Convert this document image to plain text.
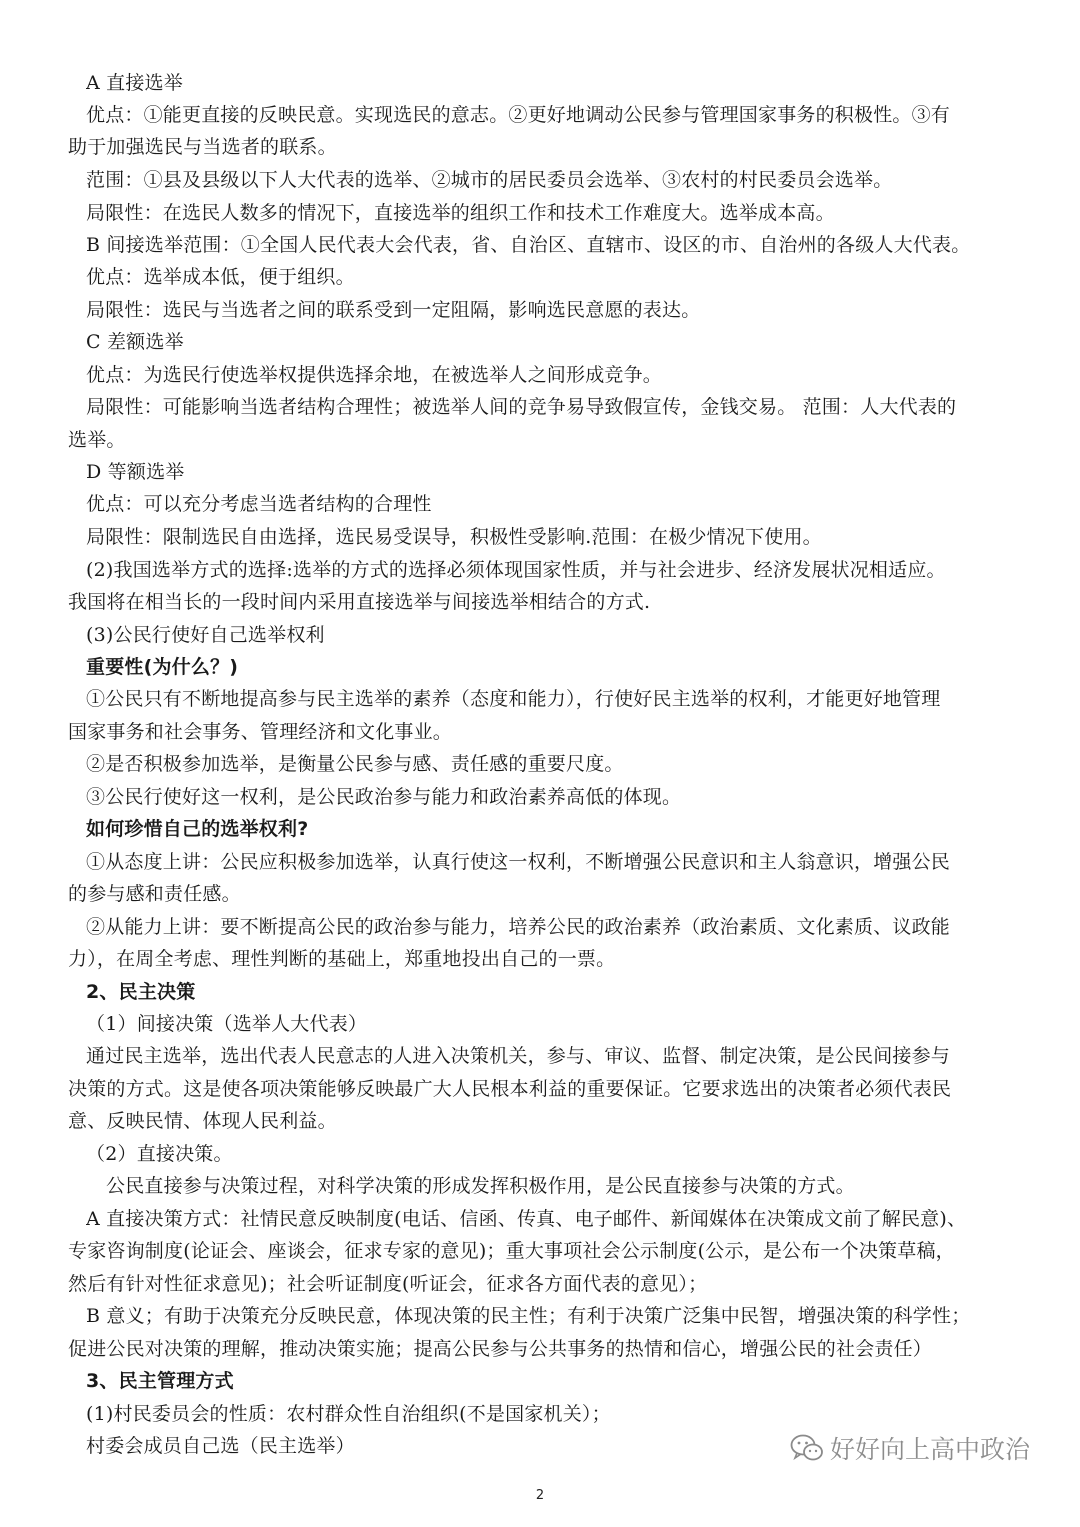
A 直接选举
优点：①能更直接的反映民意。实现选民的意志。②更好地调动公民参与管理国家事务的积极性。③有
助于加强选民与当选者的联系。
范围：①县及县级以下人大代表的选举、②城市的居民委员会选举、③农村的村民委员会选举。
局限性：在选民人数多的情况下，直接选举的组织工作和技术工作难度大。选举成本高。
B 间接选举范围：①全国人民代表大会代表，省、自治区、直辖市、设区的市、自治州的各级人大代表。
优点：选举成本低，便于组织。
局限性：选民与当选者之间的联系受到一定阻隔，影响选民意愿的表达。
C 差额选举
优点：为选民行使选举权提供选择余地，在被选举人之间形成竞争。
局限性：可能影响当选者结构合理性；被选举人间的竞争易导致假宣传，金钱交易。 范围：人大代表的
选举。
D 等额选举
优点：可以充分考虑当选者结构的合理性
局限性：限制选民自由选择，选民易受误导，积极性受影响.范围：在极少情况下使用。
(2)我国选举方式的选择:选举的方式的选择必须体现国家性质，并与社会进步、经济发展状况相适应。
我国将在相当长的一段时间内采用直接选举与间接选举相结合的方式.
(3)公民行使好自己选举权利
重要性(为什么？)
①公民只有不断地提高参与民主选举的素养（态度和能力），行使好民主选举的权利，才能更好地管理
国家事务和社会事务、管理经济和文化事业。
②是否积极参加选举，是衡量公民参与感、责任感的重要尺度。
③公民行使好这一权利，是公民政治参与能力和政治素养高低的体现。
如何珍惜自己的选举权利?
①从态度上讲：公民应积极参加选举，认真行使这一权利，不断增强公民意识和主人翁意识，增强公民
的参与感和责任感。
②从能力上讲：要不断提高公民的政治参与能力，培养公民的政治素养（政治素质、文化素质、议政能
力），在周全考虑、理性判断的基础上，郑重地投出自己的一票。
2、民主决策
（1）间接决策（选举人大代表）
通过民主选举，选出代表人民意志的人进入决策机关，参与、审议、监督、制定决策，是公民间接参与
决策的方式。这是使各项决策能够反映最广大人民根本利益的重要保证。它要求选出的决策者必须代表民
意、反映民情、体现人民利益。
（2）直接决策。
公民直接参与决策过程，对科学决策的形成发挥积极作用，是公民直接参与决策的方式。
A 直接决策方式：社情民意反映制度(电话、信函、传真、电子邮件、新闻媒体在决策成文前了解民意)、
专家咨询制度(论证会、座谈会，征求专家的意见)；重大事项社会公示制度(公示，是公布一个决策草稿，
然后有针对性征求意见)；社会听证制度(听证会，征求各方面代表的意见）；
B 意义；有助于决策充分反映民意，体现决策的民主性；有利于决策广泛集中民智，增强决策的科学性；
促进公民对决策的理解，推动决策实施；提高公民参与公共事务的热情和信心，增强公民的社会责任）
3、民主管理方式
(1)村民委员会的性质：农村群众性自治组织(不是国家机关）；
村委会成员自己选（民主选举）	好好向上高中政治
2
